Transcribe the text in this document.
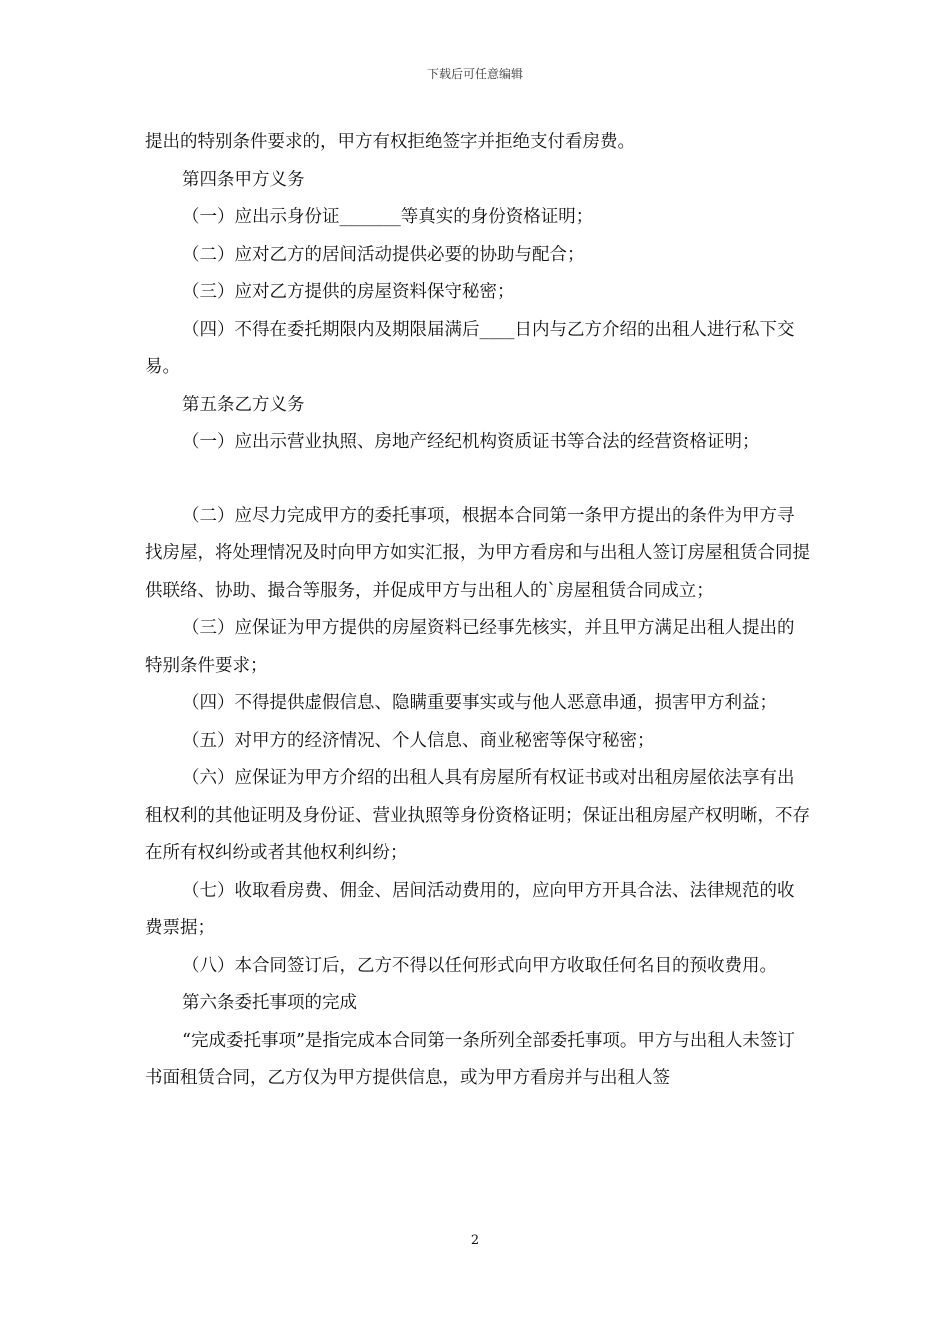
下载后可任意编辑

提出的特别条件要求的，甲方有权拒绝签字并拒绝支付看房费。

第四条甲方义务

（一）应出示身份证_______等真实的身份资格证明；

（二）应对乙方的居间活动提供必要的协助与配合；

（三）应对乙方提供的房屋资料保守秘密；

（四）不得在委托期限内及期限届满后____日内与乙方介绍的出租人进行私下交易。

第五条乙方义务

（一）应出示营业执照、房地产经纪机构资质证书等合法的经营资格证明；

（二）应尽力完成甲方的委托事项，根据本合同第一条甲方提出的条件为甲方寻找房屋，将处理情况及时向甲方如实汇报，为甲方看房和与出租人签订房屋租赁合同提供联络、协助、撮合等服务，并促成甲方与出租人的`房屋租赁合同成立；

（三）应保证为甲方提供的房屋资料已经事先核实，并且甲方满足出租人提出的特别条件要求；

（四）不得提供虚假信息、隐瞒重要事实或与他人恶意串通，损害甲方利益；

（五）对甲方的经济情况、个人信息、商业秘密等保守秘密；

（六）应保证为甲方介绍的出租人具有房屋所有权证书或对出租房屋依法享有出租权利的其他证明及身份证、营业执照等身份资格证明；保证出租房屋产权明晰，不存在所有权纠纷或者其他权利纠纷；

（七）收取看房费、佣金、居间活动费用的，应向甲方开具合法、法律规范的收费票据；

（八）本合同签订后，乙方不得以任何形式向甲方收取任何名目的预收费用。

第六条委托事项的完成

“完成委托事项”是指完成本合同第一条所列全部委托事项。甲方与出租人未签订书面租赁合同，乙方仅为甲方提供信息，或为甲方看房并与出租人签

2
